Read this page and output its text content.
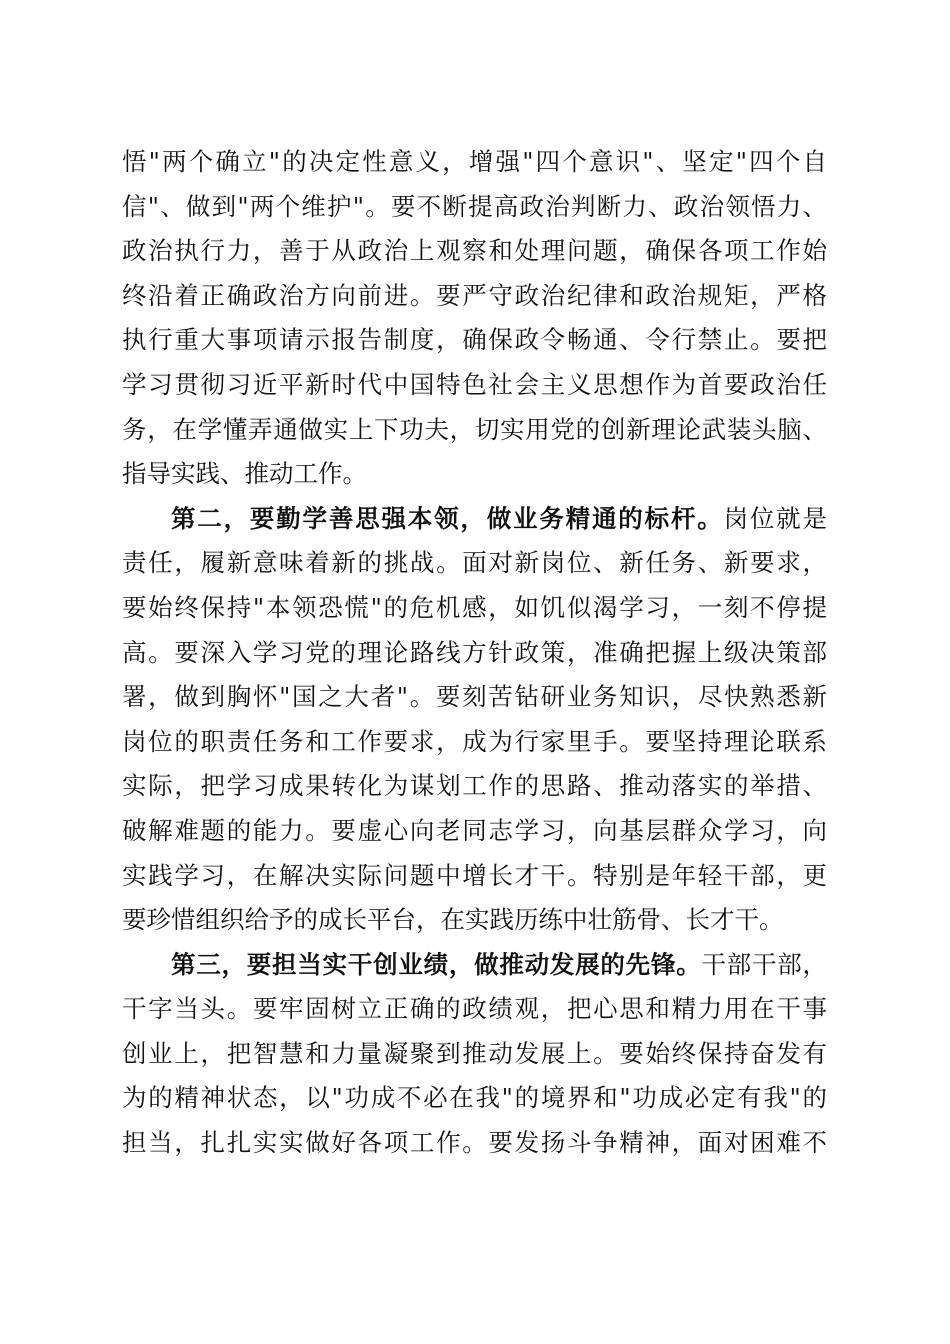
悟"两个确立"的决定性意义，增强"四个意识"、坚定"四个自
信"、做到"两个维护"。要不断提高政治判断力、政治领悟力、
政治执行力，善于从政治上观察和处理问题，确保各项工作始
终沿着正确政治方向前进。要严守政治纪律和政治规矩，严格
执行重大事项请示报告制度，确保政令畅通、令行禁止。要把
学习贯彻习近平新时代中国特色社会主义思想作为首要政治任
务，在学懂弄通做实上下功夫，切实用党的创新理论武装头脑、
指导实践、推动工作。
第二，要勤学善思强本领，做业务精通的标杆。岗位就是
责任，履新意味着新的挑战。面对新岗位、新任务、新要求，
要始终保持"本领恐慌"的危机感，如饥似渴学习，一刻不停提
高。要深入学习党的理论路线方针政策，准确把握上级决策部
署，做到胸怀"国之大者"。要刻苦钻研业务知识，尽快熟悉新
岗位的职责任务和工作要求，成为行家里手。要坚持理论联系
实际，把学习成果转化为谋划工作的思路、推动落实的举措、
破解难题的能力。要虚心向老同志学习，向基层群众学习，向
实践学习，在解决实际问题中增长才干。特别是年轻干部，更
要珍惜组织给予的成长平台，在实践历练中壮筋骨、长才干。
第三，要担当实干创业绩，做推动发展的先锋。干部干部，
干字当头。要牢固树立正确的政绩观，把心思和精力用在干事
创业上，把智慧和力量凝聚到推动发展上。要始终保持奋发有
为的精神状态，以"功成不必在我"的境界和"功成必定有我"的
担当，扎扎实实做好各项工作。要发扬斗争精神，面对困难不
